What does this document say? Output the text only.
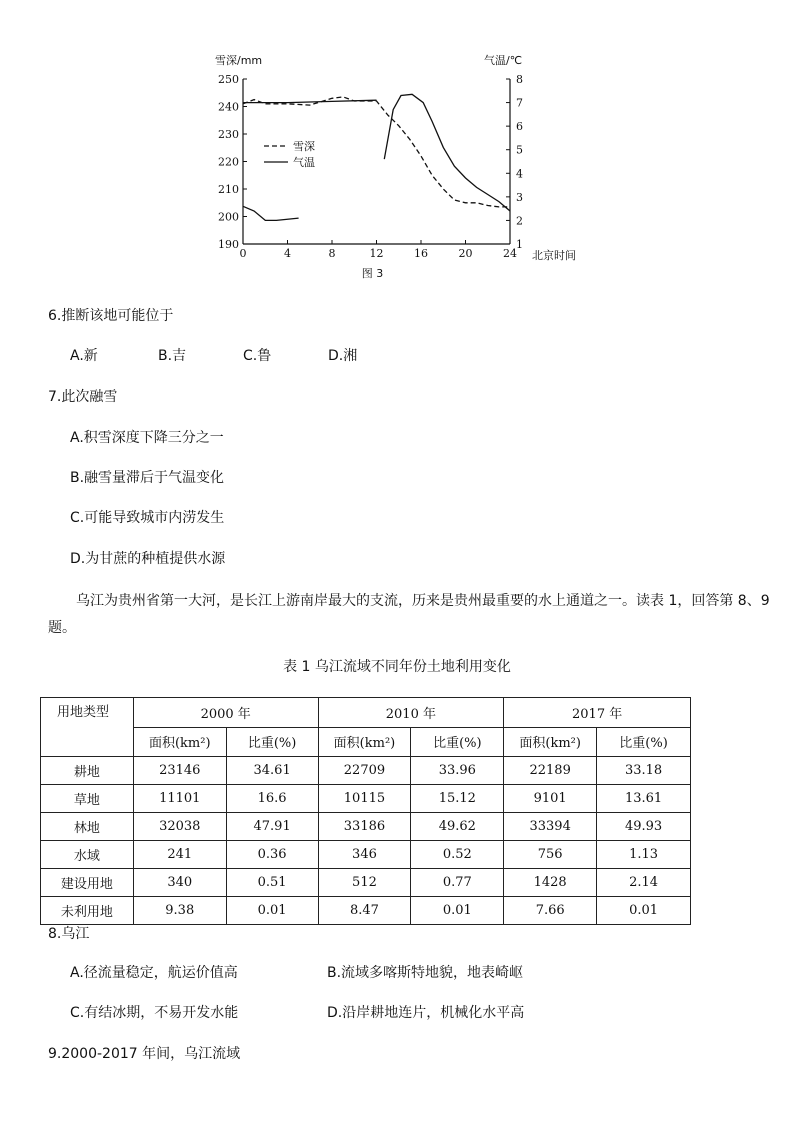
0	4	8	12	16	20	24
190
200
210
220
230
240
250
1
2
3
4
5
6
7
8
雪深/mm	气温/℃
北京时间
图 3
雪深
气温
6.推断该地可能位于
A.新	B.吉	C.鲁	D.湘
7.此次融雪
A.积雪深度下降三分之一
B.融雪量滞后于气温变化
C.可能导致城市内涝发生
D.为甘蔗的种植提供水源
乌江为贵州省第一大河，是长江上游南岸最大的支流，历来是贵州最重要的水上通道之一。读表 1，回答第 8、9
题。
表 1 乌江流域不同年份土地利用变化
用地类型	2000 年		2010 年		2017 年	
	面积(km²)	比重(%)	面积(km²)	比重(%)	面积(km²)	比重(%)
耕地	23146	34.61	22709	33.96	22189	33.18
草地	11101	16.6	10115	15.12	9101	13.61
林地	32038	47.91	33186	49.62	33394	49.93
水域	241	0.36	346	0.52	756	1.13
建设用地	340	0.51	512	0.77	1428	2.14
未利用地	9.38	0.01	8.47	0.01	7.66	0.01
8.乌江
A.径流量稳定，航运价值高	B.流域多喀斯特地貌，地表崎岖
C.有结冰期，不易开发水能	D.沿岸耕地连片，机械化水平高
9.2000-2017 年间，乌江流域
